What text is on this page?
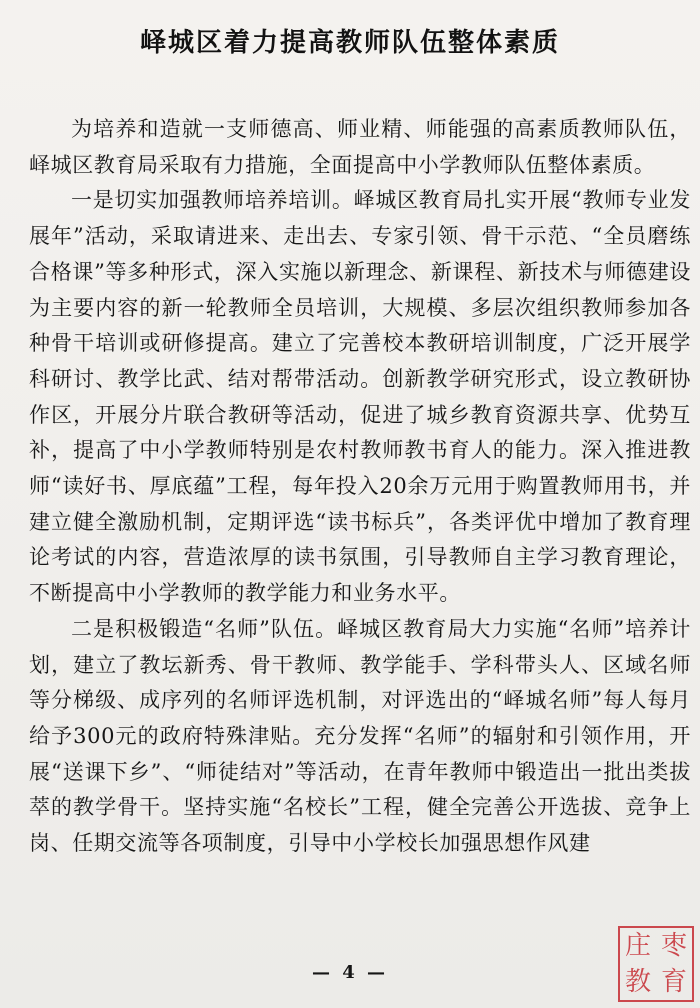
峄城区着力提高教师队伍整体素质

为培养和造就一支师德高、师业精、师能强的高素质教师队伍，峄城区教育局采取有力措施，全面提高中小学教师队伍整体素质。

一是切实加强教师培养培训。峄城区教育局扎实开展“教师专业发展年”活动，采取请进来、走出去、专家引领、骨干示范、“全员磨练合格课”等多种形式，深入实施以新理念、新课程、新技术与师德建设为主要内容的新一轮教师全员培训，大规模、多层次组织教师参加各种骨干培训或研修提高。建立了完善校本教研培训制度，广泛开展学科研讨、教学比武、结对帮带活动。创新教学研究形式，设立教研协作区，开展分片联合教研等活动，促进了城乡教育资源共享、优势互补，提高了中小学教师特别是农村教师教书育人的能力。深入推进教师“读好书、厚底蕴”工程，每年投入20余万元用于购置教师用书，并建立健全激励机制，定期评选“读书标兵”，各类评优中增加了教育理论考试的内容，营造浓厚的读书氛围，引导教师自主学习教育理论，不断提高中小学教师的教学能力和业务水平。

二是积极锻造“名师”队伍。峄城区教育局大力实施“名师”培养计划，建立了教坛新秀、骨干教师、教学能手、学科带头人、区域名师等分梯级、成序列的名师评选机制，对评选出的“峄城名师”每人每月给予300元的政府特殊津贴。充分发挥“名师”的辐射和引领作用，开展“送课下乡”、“师徒结对”等活动，在青年教师中锻造出一批出类拔萃的教学骨干。坚持实施“名校长”工程，健全完善公开选拔、竞争上岗、任期交流等各项制度，引导中小学校长加强思想作风建

— 4 —
庄 枣
教 育
